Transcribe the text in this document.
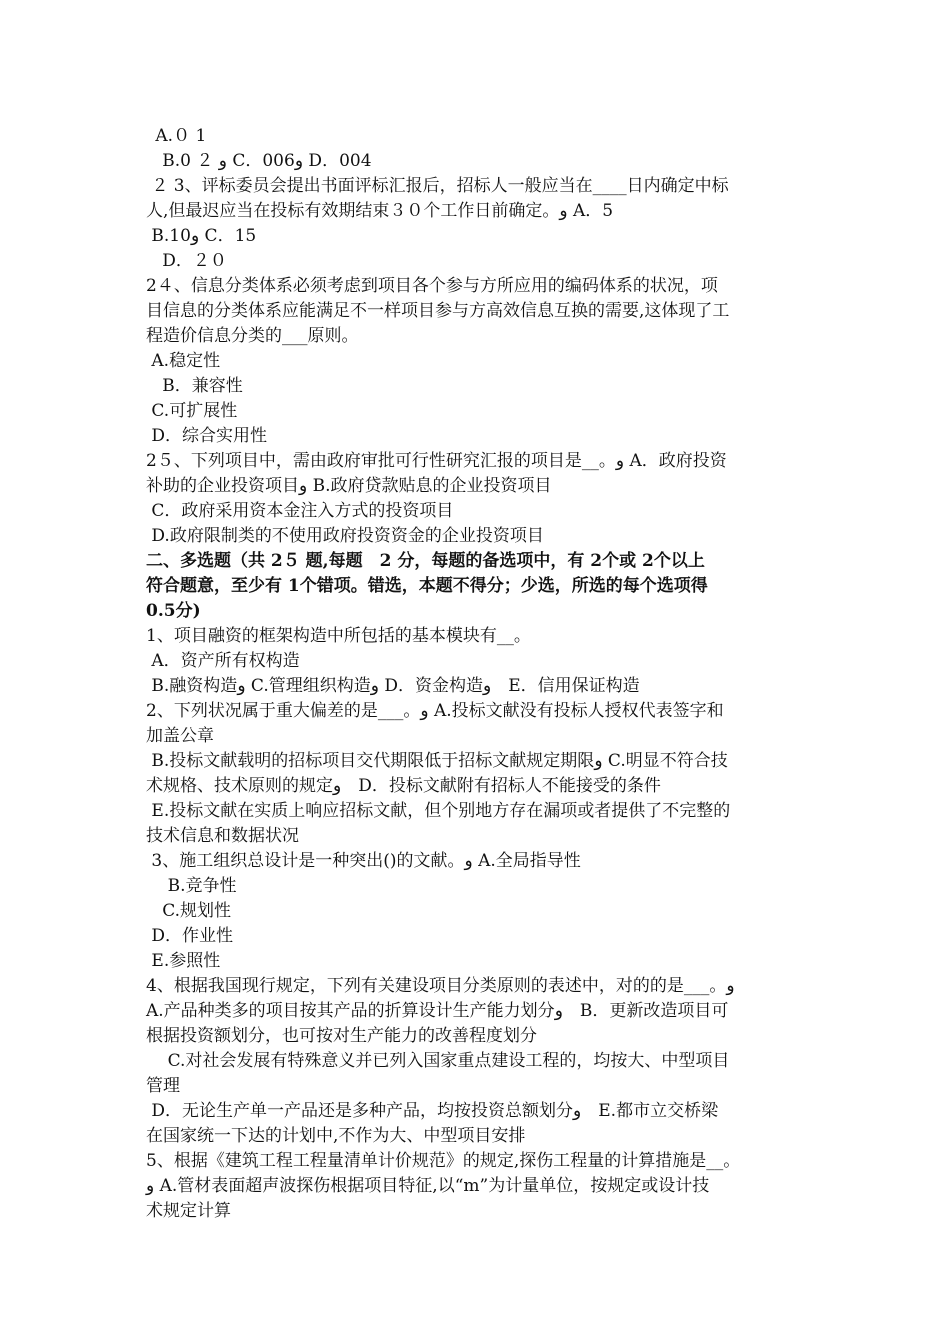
A.０ 1
B.0 ２ ﻭ C．006ﻭ D．004
２ 3、评标委员会提出书面评标汇报后，招标人一般应当在____日内确定中标
人,但最迟应当在投标有效期结束３０个工作日前确定。ﻭ A．5
B.10ﻭ C．15
D．２０
2４、信息分类体系必须考虑到项目各个参与方所应用的编码体系的状况，项
目信息的分类体系应能满足不一样项目参与方高效信息互换的需要,这体现了工
程造价信息分类的___原则。
A.稳定性
B．兼容性
C.可扩展性
D．综合实用性
2５、下列项目中，需由政府审批可行性研究汇报的项目是__。ﻭ A．政府投资
补助的企业投资项目ﻭ B.政府贷款贴息的企业投资项目
C．政府采用资本金注入方式的投资项目
D.政府限制类的不使用政府投资资金的企业投资项目
二、多选题（共 2５ 题,每题　2 分，每题的备选项中，有 2个或 2个以上
符合题意，至少有 1个错项。错选，本题不得分；少选，所选的每个选项得
0.5分)
1、项目融资的框架构造中所包括的基本模块有__。
A．资产所有权构造
B.融资构造ﻭ C.管理组织构造ﻭ D．资金构造ﻭ　E．信用保证构造
2、下列状况属于重大偏差的是___。ﻭ A.投标文献没有投标人授权代表签字和
加盖公章
B.投标文献载明的招标项目交代期限低于招标文献规定期限ﻭ C.明显不符合技
术规格、技术原则的规定ﻭ　D．投标文献附有招标人不能接受的条件
E.投标文献在实质上响应招标文献，但个别地方存在漏项或者提供了不完整的
技术信息和数据状况
3、施工组织总设计是一种突出()的文献。ﻭ A.全局指导性
B.竞争性
C.规划性
D．作业性
E.参照性
4、根据我国现行规定，下列有关建设项目分类原则的表述中，对的的是___。ﻭ
A.产品种类多的项目按其产品的折算设计生产能力划分ﻭ　B．更新改造项目可
根据投资额划分，也可按对生产能力的改善程度划分
C.对社会发展有特殊意义并已列入国家重点建设工程的，均按大、中型项目
管理
D．无论生产单一产品还是多种产品，均按投资总额划分ﻭ　E.都市立交桥梁
在国家统一下达的计划中,不作为大、中型项目安排
5、根据《建筑工程工程量清单计价规范》的规定,探伤工程量的计算措施是__。
ﻭ A.管材表面超声波探伤根据项目特征,以“m”为计量单位，按规定或设计技
术规定计算
